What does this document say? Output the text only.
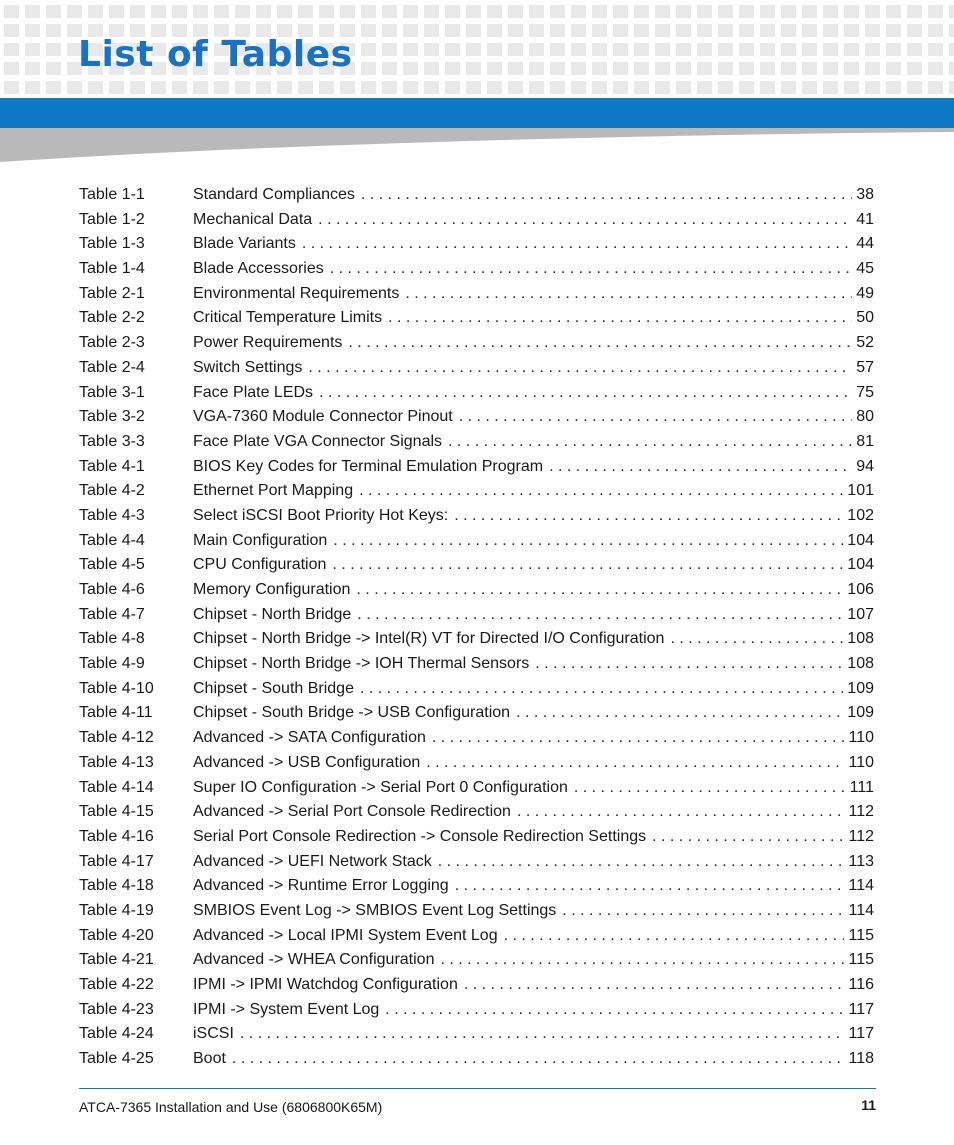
List of Tables
Table 1-1	Standard Compliances . . .	38
Table 1-2	Mechanical Data . . .	41
Table 1-3	Blade Variants . . .	44
Table 1-4	Blade Accessories . . .	45
Table 2-1	Environmental Requirements . . .	49
Table 2-2	Critical Temperature Limits . . .	50
Table 2-3	Power Requirements . . .	52
Table 2-4	Switch Settings . . .	57
Table 3-1	Face Plate LEDs . . .	75
Table 3-2	VGA-7360 Module Connector Pinout . . .	80
Table 3-3	Face Plate VGA Connector Signals . . .	81
Table 4-1	BIOS Key Codes for Terminal Emulation Program . . .	94
Table 4-2	Ethernet Port Mapping . . .	101
Table 4-3	Select iSCSI Boot Priority Hot Keys: . . .	102
Table 4-4	Main Configuration . . .	104
Table 4-5	CPU Configuration . . .	104
Table 4-6	Memory Configuration . . .	106
Table 4-7	Chipset - North Bridge . . .	107
Table 4-8	Chipset - North Bridge -> Intel(R) VT for Directed I/O Configuration . . .	108
Table 4-9	Chipset - North Bridge -> IOH Thermal Sensors . . .	108
Table 4-10	Chipset - South Bridge . . .	109
Table 4-11	Chipset - South Bridge -> USB Configuration . . .	109
Table 4-12	Advanced -> SATA Configuration . . .	110
Table 4-13	Advanced -> USB Configuration . . .	110
Table 4-14	Super IO Configuration -> Serial Port 0 Configuration . . .	111
Table 4-15	Advanced -> Serial Port Console Redirection . . .	112
Table 4-16	Serial Port Console Redirection -> Console Redirection Settings . . .	112
Table 4-17	Advanced -> UEFI Network Stack . . .	113
Table 4-18	Advanced -> Runtime Error Logging . . .	114
Table 4-19	SMBIOS Event Log -> SMBIOS Event Log Settings . . .	114
Table 4-20	Advanced -> Local IPMI System Event Log . . .	115
Table 4-21	Advanced -> WHEA Configuration . . .	115
Table 4-22	IPMI -> IPMI Watchdog Configuration . . .	116
Table 4-23	IPMI -> System Event Log . . .	117
Table 4-24	iSCSI . . .	117
Table 4-25	Boot . . .	118
ATCA-7365 Installation and Use (6806800K65M)	11
